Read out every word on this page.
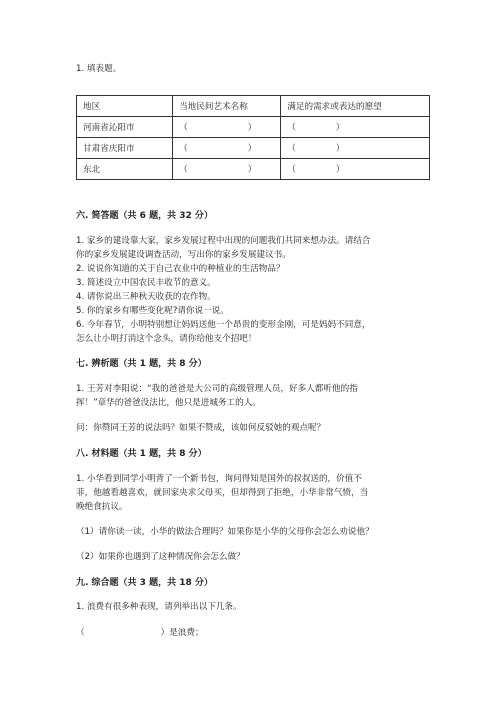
1. 填表题。
地区	当地民间艺术名称	满足的需求或表达的愿望
河南省沁阳市	（ ）	（ ）
甘肃省庆阳市	（ ）	（ ）
东北	（ ）	（ ）
六. 简答题（共 6 题，共 32 分）
1. 家乡的建设靠大家，家乡发展过程中出现的问题我们共同来想办法。请结合
你的家乡发展建设调查活动，写出你的家乡发展建议书。
2. 说说你知道的关于自己农业中的种植业的生活物品？
3. 简述设立中国农民丰收节的意义。
4. 请你说出三种秋天收获的农作物。
5. 你的家乡有哪些变化呢?请你说一说。
6. 今年春节，小明特别想让妈妈送他一个昂贵的变形金刚，可是妈妈不同意，
怎么让小明打消这个念头，请你给他支个招吧！
七. 辨析题（共 1 题，共 8 分）
1. 王芳对李阳说：“我的爸爸是大公司的高级管理人员，好多人都听他的指
挥！”章华的爸爸没法比，他只是进城务工的人。
问：你赞同王芳的说法吗？如果不赞成，该如何反驳她的观点呢？
八. 材料题（共 1 题，共 8 分）
1. 小华看到同学小明背了一个新书包，询问得知是国外的叔叔送的，价值不
菲，他越看越喜欢，就回家央求父母买，但却得到了拒绝，小华非常气愤，当
晚绝食抗议。
（1）请你读一读，小华的做法合理吗？如果你是小华的父母你会怎么劝说他？
（2）如果你也遇到了这种情况你会怎么做？
九. 综合题（共 3 题，共 18 分）
1. 浪费有很多种表现，请列举出以下几条。
（	）是浪费；
